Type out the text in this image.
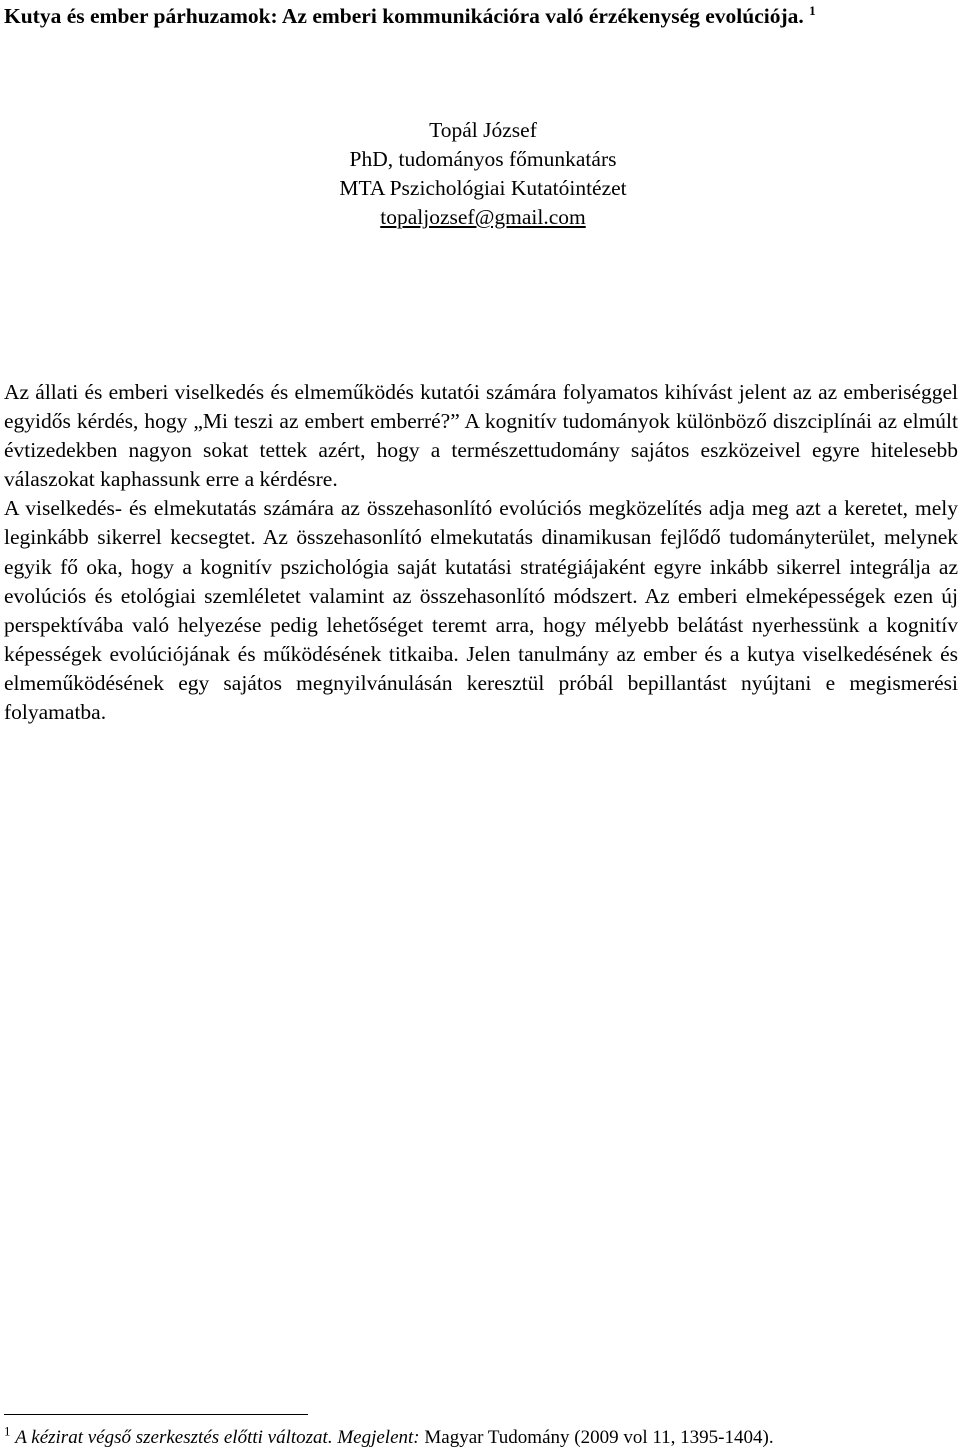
Kutya és ember párhuzamok: Az emberi kommunikációra való érzékenység evolúciója. $^1$
Topál József
PhD, tudományos főmunkatárs
MTA Pszichológiai Kutatóintézet
topaljozsef@gmail.com

Az állati és emberi viselkedés és elmeműködés kutatói számára folyamatos kihívást jelent az az emberiséggel egyidős kérdés, hogy „Mi teszi az embert emberré?” A kognitív tudományok különböző diszciplínái az elmúlt évtizedekben nagyon sokat tettek azért, hogy a természettudomány sajátos eszközeivel egyre hitelesebb válaszokat kaphassunk erre a kérdésre.

A viselkedés- és elmekutatás számára az összehasonlító evolúciós megközelítés adja meg azt a keretet, mely leginkább sikerrel kecsegtet. Az összehasonlító elmekutatás dinamikusan fejlődő tudományterület, melynek egyik fő oka, hogy a kognitív pszichológia saját kutatási stratégiájaként egyre inkább sikerrel integrálja az evolúciós és etológiai szemléletet valamint az összehasonlító módszert. Az emberi elmeképességek ezen új perspektívába való helyezése pedig lehetőséget teremt arra, hogy mélyebb belátást nyerhessünk a kognitív képességek evolúciójának és működésének titkaiba. Jelen tanulmány az ember és a kutya viselkedésének és elmeműködésének egy sajátos megnyilvánulásán keresztül próbál bepillantást nyújtani e megismerési folyamatba.

$^1$ A kézirat végső szerkesztés előtti változat. Megjelent: Magyar Tudomány (2009 vol 11, 1395-1404).
